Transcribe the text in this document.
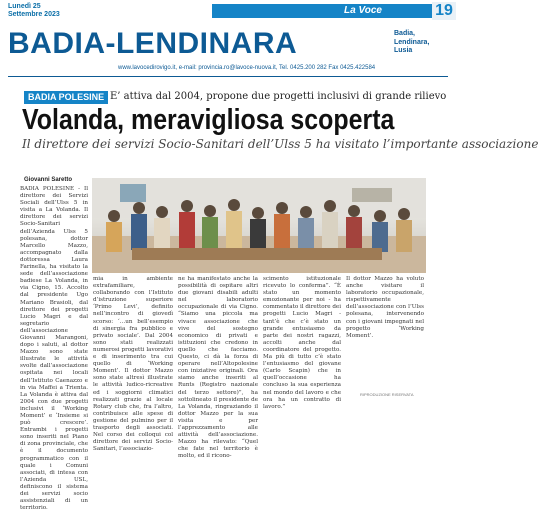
Lunedì 25
Settembre 2023	La Voce	19
BADIA-LENDINARA	Badia,
Lendinara,
Lusia
www.lavocedirovigo.it, e-mail: provincia.ro@lavoce-nuova.it, Tel. 0425.200 282 Fax 0425.422584
BADIA POLESINE E’ attiva dal 2004, propone due progetti inclusivi di grande rilievo
Volanda, meravigliosa scoperta
Il direttore dei servizi Socio-Sanitari dell’Ulss 5 ha visitato l’importante associazione
Giovanni Saretto

BADIA POLESINE - Il direttore dei Servizi Sociali dell’Ulss 5 in visita a La Volanda. Il direttore dei servizi Socio-Sanitari dell’Azienda Ulss 5 polesana, dottor Marcello Mazzo, accompagnato dalla dottoressa Laura Farinella, ha visitato la sede dell’associazione badiese La Volanda, in via Cigno, 15. Accolto dal presidente Ugo Mariano Brasioli, dal direttore dei progetti Lucio Magri e dal segretario dell’associazione Giovanni Marangoni, dopo i saluti, al dottor Mazzo sono state illustrate le attività svolte dall’associazione ospitata nei locali dell’Istituto Caenazzo e in via Maffei a Trienta. La Volanda è attiva dal 2004 con due progetti inclusivi il ‘Working Moment’ e ‘Insieme si può crescere’. Entrambi i progetti sono inseriti nel Piano di zona provinciale, che è il documento programmatico con il quale i Comuni associati, di intesa con l’Azienda USL, definiscono il sistema dei servizi socio assistenziali di un territorio.

mia in ambiente extrafamiliare, collaborando con l’Istituto d’istruzione superiore ‘Primo Levi’, definito nell’incontro di giovedì scorso: ‘…un bell’esempio di sinergia fra pubblico e privato sociale’. Dal 2004 sono stati realizzati numerosi progetti lavorativi e di inserimento tra cui quello di ‘Working Moment’. Il dottor Mazzo sono state altresì illustrate le attività ludico-ricreative ed i soggiorni climatici realizzati grazie al locale Rotary club che, fra l’altro, contribuisce alle spese di gestione del pulmino per il trasporto degli associati. Nel corso dei colloqui col direttore dei servizi Socio-Sanitari, l’associazio-

ne ha manifestato anche la possibilità di ospitare altri due giovani disabili adulti nel laboratorio occupazionale di via Cigno. “Siamo una piccola ma vivace associazione che vive del sostegno economico di privati e istituzioni che credono in quello che facciamo. Questo, ci dà la forza di operare nell’Altopolesine con iniziative originali. Ora siamo anche inseriti al Runts (Registro nazionale del terzo settore)”, ha sottolineato il presidente de La Volanda, ringraziando il dottor Mazzo per la sua visita e per l’apprezzamento alle attività dell’associazione. Mazzo ha rilevato: “Quel che fate nel territorio è molto, ed il ricono-

scimento istituzionale ricevuto lo conferma”. “È stato un momento emozionante per noi - ha commentato il direttore dei progetti Lucio Magri - tant’è che c’è stato un grande entusiasmo da parte dei nostri ragazzi, accolti anche dal coordinatore del progetto. Ma più di tutto c’è stato l’entusiasmo del giovane (Carlo Scapin) che in quell’occasione ha concluso la sua esperienza nel mondo del lavoro e che ora ha un contratto di lavoro.”

Il dottor Mazzo ha voluto anche visitare il laboratorio occupazionale, rispettivamente dell’associazione con l’Ulss polesana, intervenendo con i giovani impegnati nel progetto ‘Working Moment’.

RIPRODUZIONE RISERVATA
